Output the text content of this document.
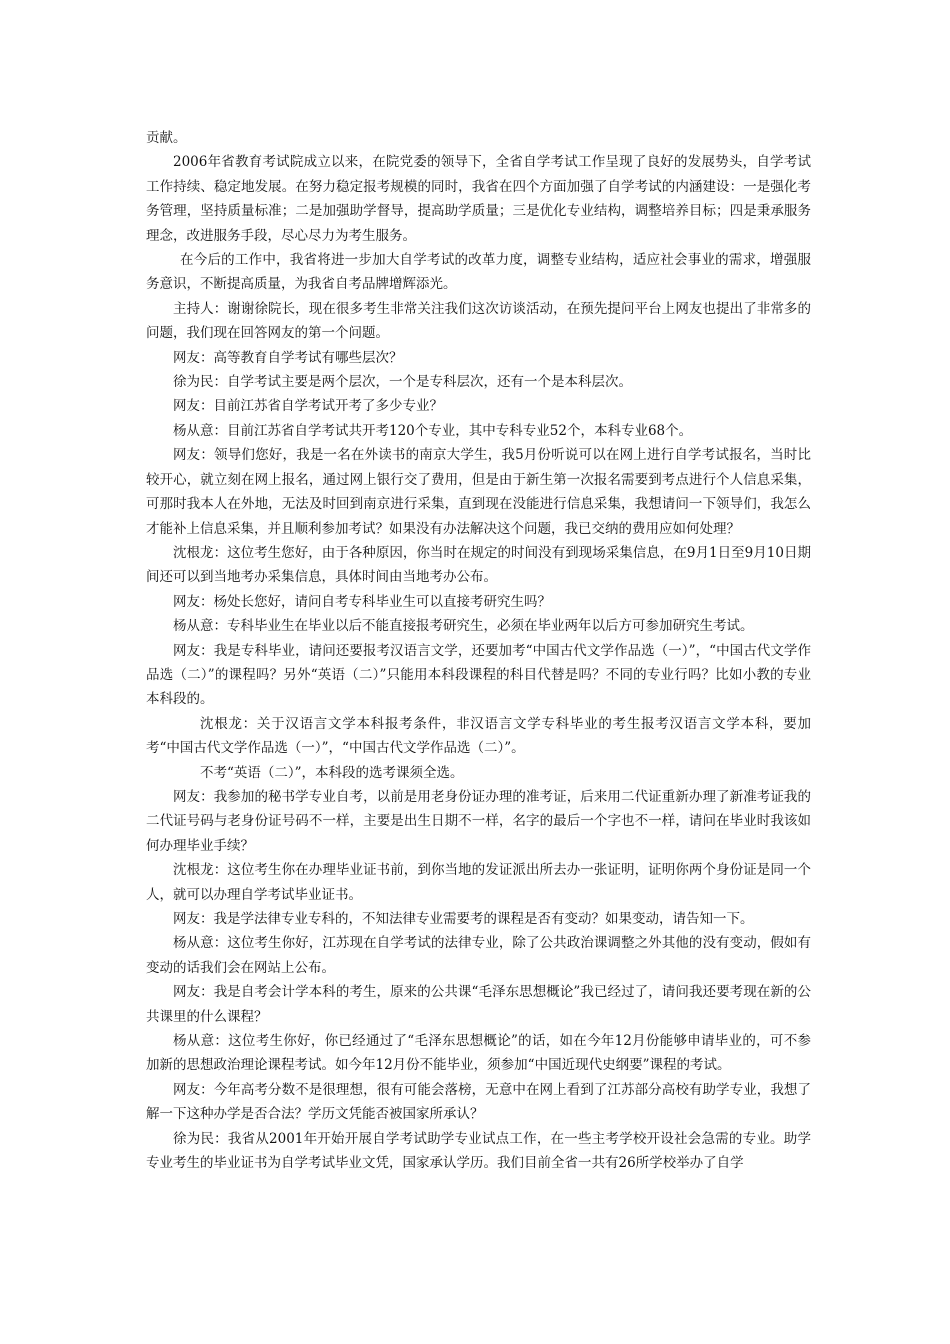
贡献。

2006年省教育考试院成立以来，在院党委的领导下，全省自学考试工作呈现了良好的发展势头，自学考试工作持续、稳定地发展。在努力稳定报考规模的同时，我省在四个方面加强了自学考试的内涵建设：一是强化考务管理，坚持质量标准；二是加强助学督导，提高助学质量；三是优化专业结构，调整培养目标；四是秉承服务理念，改进服务手段，尽心尽力为考生服务。

在今后的工作中，我省将进一步加大自学考试的改革力度，调整专业结构，适应社会事业的需求，增强服务意识，不断提高质量，为我省自考品牌增辉添光。

主持人：谢谢徐院长，现在很多考生非常关注我们这次访谈活动，在预先提问平台上网友也提出了非常多的问题，我们现在回答网友的第一个问题。

网友：高等教育自学考试有哪些层次？

徐为民：自学考试主要是两个层次，一个是专科层次，还有一个是本科层次。

网友：目前江苏省自学考试开考了多少专业？

杨从意：目前江苏省自学考试共开考120个专业，其中专科专业52个，本科专业68个。

网友：领导们您好，我是一名在外读书的南京大学生，我5月份听说可以在网上进行自学考试报名，当时比较开心，就立刻在网上报名，通过网上银行交了费用，但是由于新生第一次报名需要到考点进行个人信息采集，可那时我本人在外地，无法及时回到南京进行采集，直到现在没能进行信息采集，我想请问一下领导们，我怎么才能补上信息采集，并且顺利参加考试？如果没有办法解决这个问题，我已交纳的费用应如何处理？

沈根龙：这位考生您好，由于各种原因，你当时在规定的时间没有到现场采集信息，在9月1日至9月10日期间还可以到当地考办采集信息，具体时间由当地考办公布。

网友：杨处长您好，请问自考专科毕业生可以直接考研究生吗？

杨从意：专科毕业生在毕业以后不能直接报考研究生，必须在毕业两年以后方可参加研究生考试。

网友：我是专科毕业，请问还要报考汉语言文学，还要加考“中国古代文学作品选（一）”，“中国古代文学作品选（二）”的课程吗？另外“英语（二）”只能用本科段课程的科目代替是吗？不同的专业行吗？比如小教的专业本科段的。

沈根龙：关于汉语言文学本科报考条件，非汉语言文学专科毕业的考生报考汉语言文学本科，要加考“中国古代文学作品选（一）”，“中国古代文学作品选（二）”。

不考“英语（二）”，本科段的选考课须全选。

网友：我参加的秘书学专业自考，以前是用老身份证办理的准考证，后来用二代证重新办理了新准考证我的二代证号码与老身份证号码不一样，主要是出生日期不一样，名字的最后一个字也不一样，请问在毕业时我该如何办理毕业手续？

沈根龙：这位考生你在办理毕业证书前，到你当地的发证派出所去办一张证明，证明你两个身份证是同一个人，就可以办理自学考试毕业证书。

网友：我是学法律专业专科的，不知法律专业需要考的课程是否有变动？如果变动，请告知一下。

杨从意：这位考生你好，江苏现在自学考试的法律专业，除了公共政治课调整之外其他的没有变动，假如有变动的话我们会在网站上公布。

网友：我是自考会计学本科的考生，原来的公共课“毛泽东思想概论”我已经过了，请问我还要考现在新的公共课里的什么课程？

杨从意：这位考生你好，你已经通过了“毛泽东思想概论”的话，如在今年12月份能够申请毕业的，可不参加新的思想政治理论课程考试。如今年12月份不能毕业，须参加“中国近现代史纲要”课程的考试。

网友：今年高考分数不是很理想，很有可能会落榜，无意中在网上看到了江苏部分高校有助学专业，我想了解一下这种办学是否合法？学历文凭能否被国家所承认？

徐为民：我省从2001年开始开展自学考试助学专业试点工作，在一些主考学校开设社会急需的专业。助学专业考生的毕业证书为自学考试毕业文凭，国家承认学历。我们目前全省一共有26所学校举办了自学
